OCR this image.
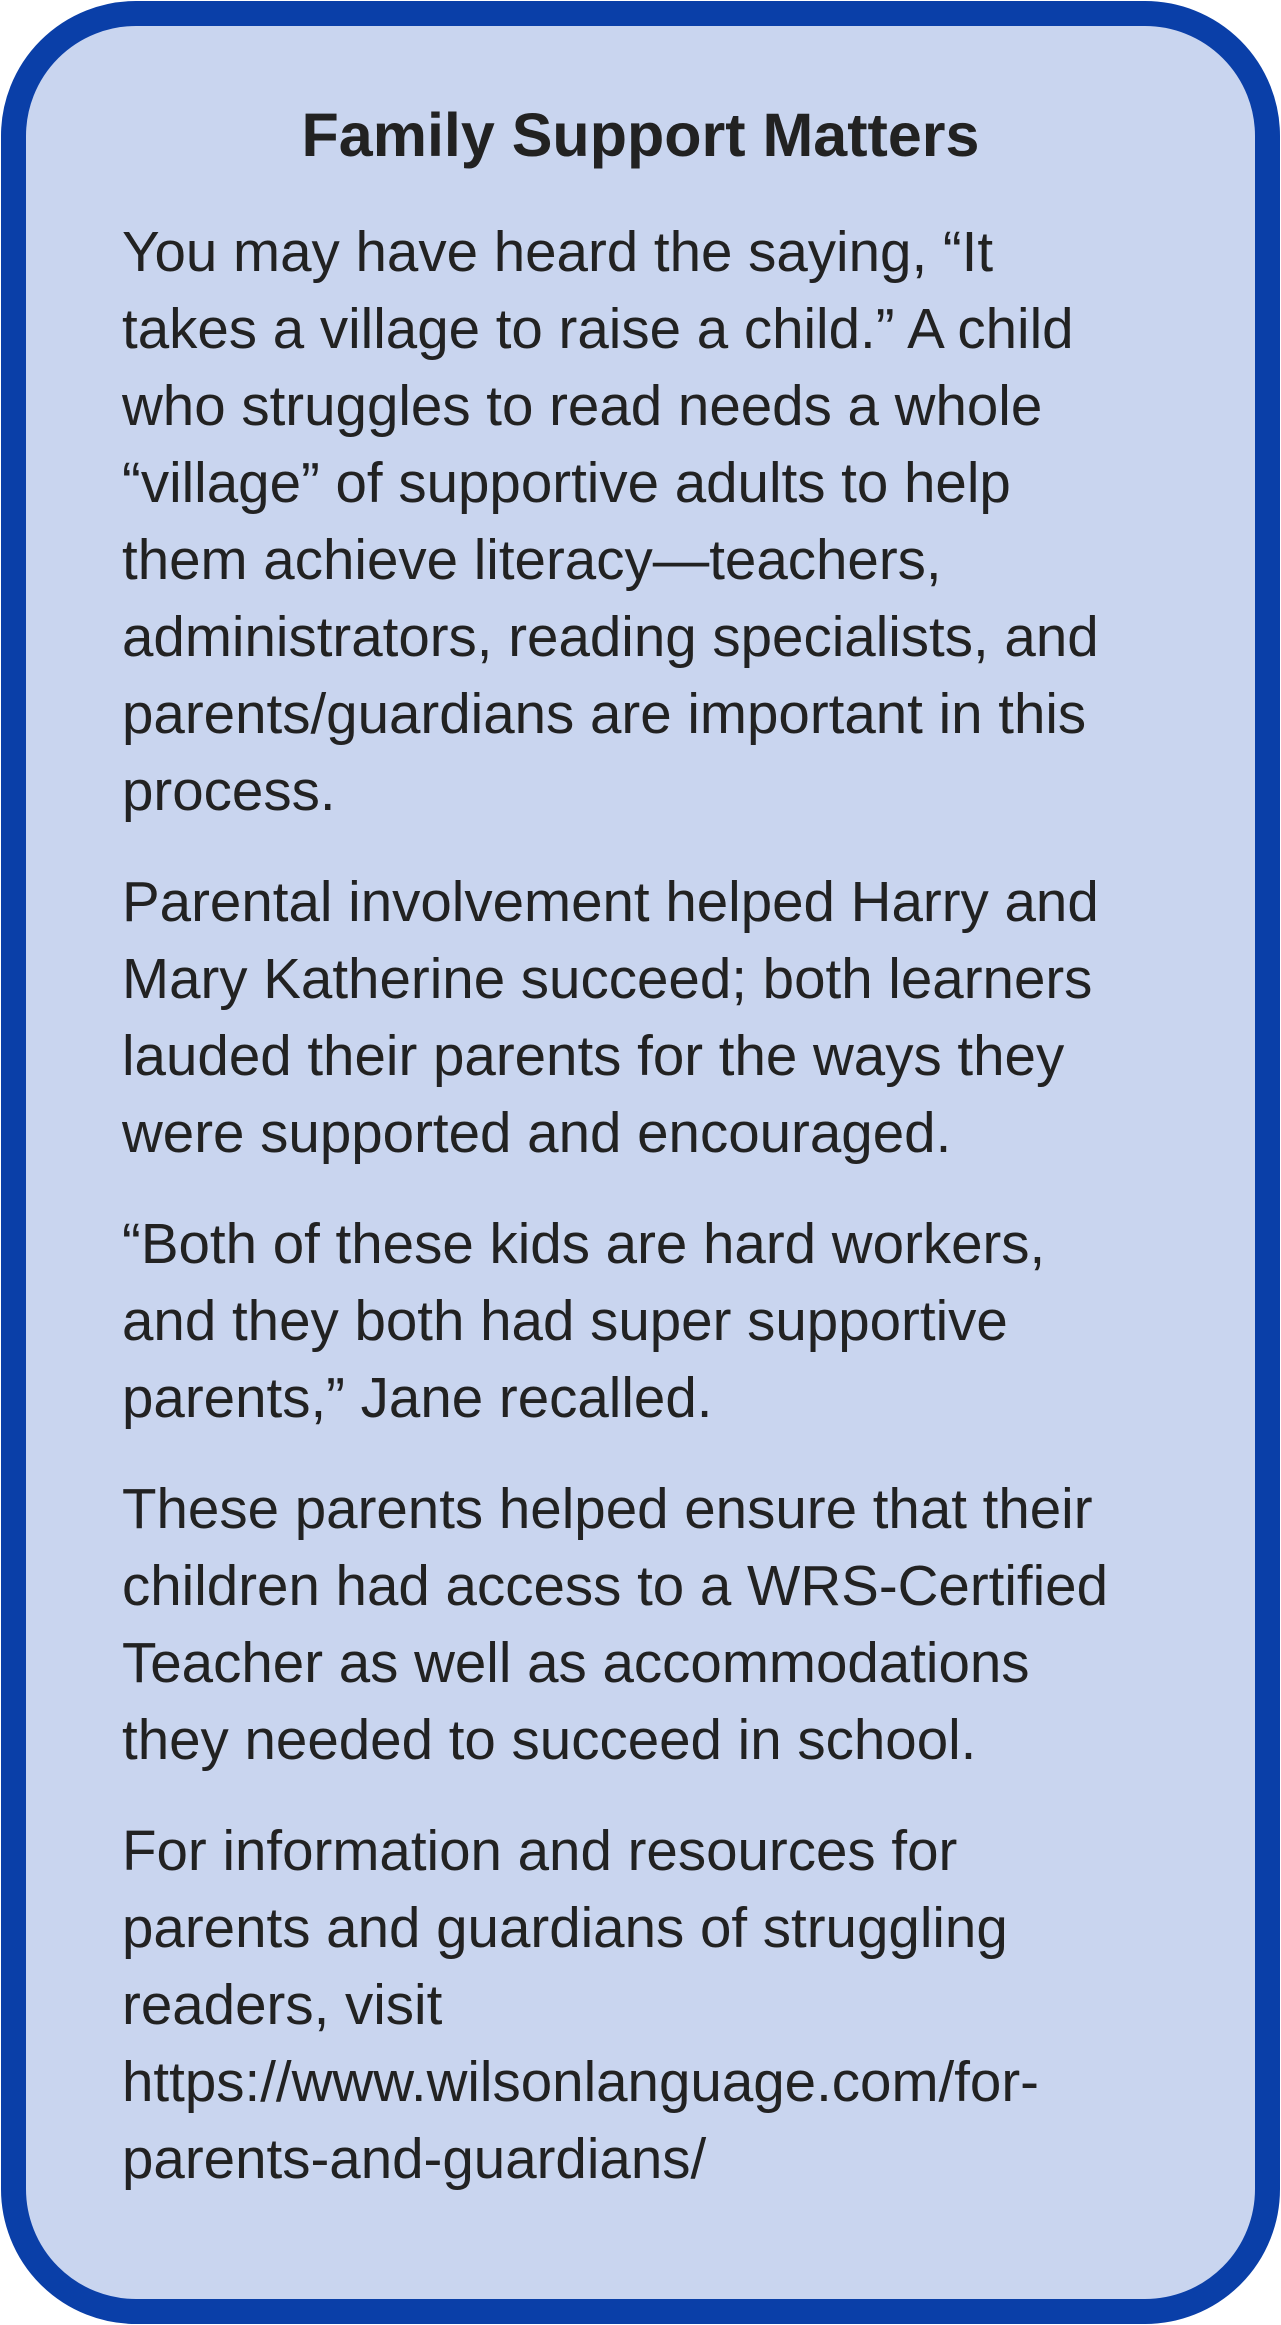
Family Support Matters

You may have heard the saying, “It
takes a village to raise a child.” A child
who struggles to read needs a whole
“village” of supportive adults to help
them achieve literacy—teachers,
administrators, reading specialists, and
parents/guardians are important in this
process.

Parental involvement helped Harry and
Mary Katherine succeed; both learners
lauded their parents for the ways they
were supported and encouraged.

“Both of these kids are hard workers,
and they both had super supportive
parents,” Jane recalled.

These parents helped ensure that their
children had access to a WRS-Certified
Teacher as well as accommodations
they needed to succeed in school.

For information and resources for
parents and guardians of struggling
readers, visit
https://www.wilsonlanguage.com/for-
parents-and-guardians/
